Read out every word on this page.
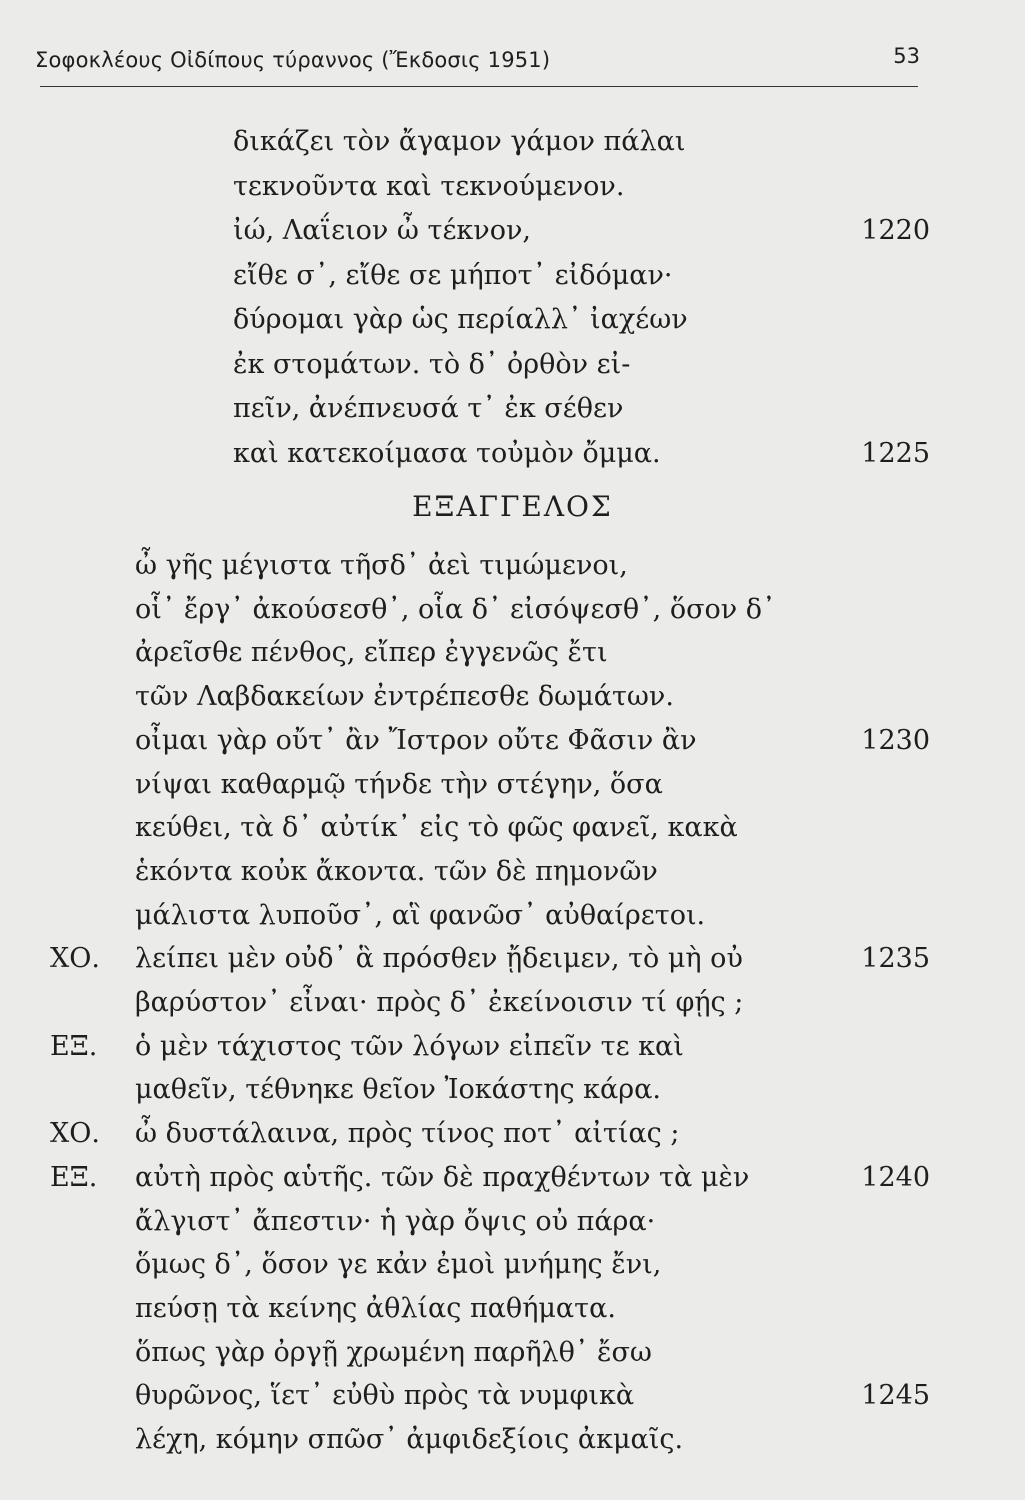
Σοφοκλέους Οἰδίπους τύραννος (Ἔκδοσις 1951)	53
δικάζει τὸν ἄγαμον γάμον πάλαι
τεκνοῦντα καὶ τεκνούμενον.
ἰώ, Λαΐειον ὦ τέκνον,	1220
εἴθε σ᾽, εἴθε σε μήποτ᾽ εἰδόμαν·
δύρομαι γὰρ ὡς περίαλλ᾽ ἰαχέων
ἐκ στομάτων. τὸ δ᾽ ὀρθὸν εἰ-
πεῖν, ἀνέπνευσά τ᾽ ἐκ σέθεν
καὶ κατεκοίμασα τοὐμὸν ὄμμα.	1225
ΕΞΑΓΓΕΛΟΣ
ὦ γῆς μέγιστα τῆσδ᾽ ἀεὶ τιμώμενοι,
οἷ᾽ ἔργ᾽ ἀκούσεσθ᾽, οἷα δ᾽ εἰσόψεσθ᾽, ὅσον δ᾽
ἀρεῖσθε πένθος, εἴπερ ἐγγενῶς ἔτι
τῶν Λαβδακείων ἐντρέπεσθε δωμάτων.
οἶμαι γὰρ οὔτ᾽ ἂν Ἴστρον οὔτε Φᾶσιν ἂν	1230
νίψαι καθαρμῷ τήνδε τὴν στέγην, ὅσα
κεύθει, τὰ δ᾽ αὐτίκ᾽ εἰς τὸ φῶς φανεῖ, κακὰ
ἑκόντα κοὐκ ἄκοντα. τῶν δὲ πημονῶν
μάλιστα λυποῦσ᾽, αἳ φανῶσ᾽ αὐθαίρετοι.
ΧΟ. λείπει μὲν οὐδ᾽ ἃ πρόσθεν ᾔδειμεν, τὸ μὴ οὐ	1235
βαρύστον᾽ εἶναι· πρὸς δ᾽ ἐκείνοισιν τί φῄς ;
ΕΞ. ὁ μὲν τάχιστος τῶν λόγων εἰπεῖν τε καὶ
μαθεῖν, τέθνηκε θεῖον Ἰοκάστης κάρα.
ΧΟ. ὦ δυστάλαινα, πρὸς τίνος ποτ᾽ αἰτίας ;
ΕΞ. αὐτὴ πρὸς αὑτῆς. τῶν δὲ πραχθέντων τὰ μὲν	1240
ἄλγιστ᾽ ἄπεστιν· ἡ γὰρ ὄψις οὐ πάρα·
ὅμως δ᾽, ὅσον γε κἀν ἐμοὶ μνήμης ἔνι,
πεύσῃ τὰ κείνης ἀθλίας παθήματα.
ὅπως γὰρ ὀργῇ χρωμένη παρῆλθ᾽ ἔσω
θυρῶνος, ἵετ᾽ εὐθὺ πρὸς τὰ νυμφικὰ	1245
λέχη, κόμην σπῶσ᾽ ἀμφιδεξίοις ἀκμαῖς.
